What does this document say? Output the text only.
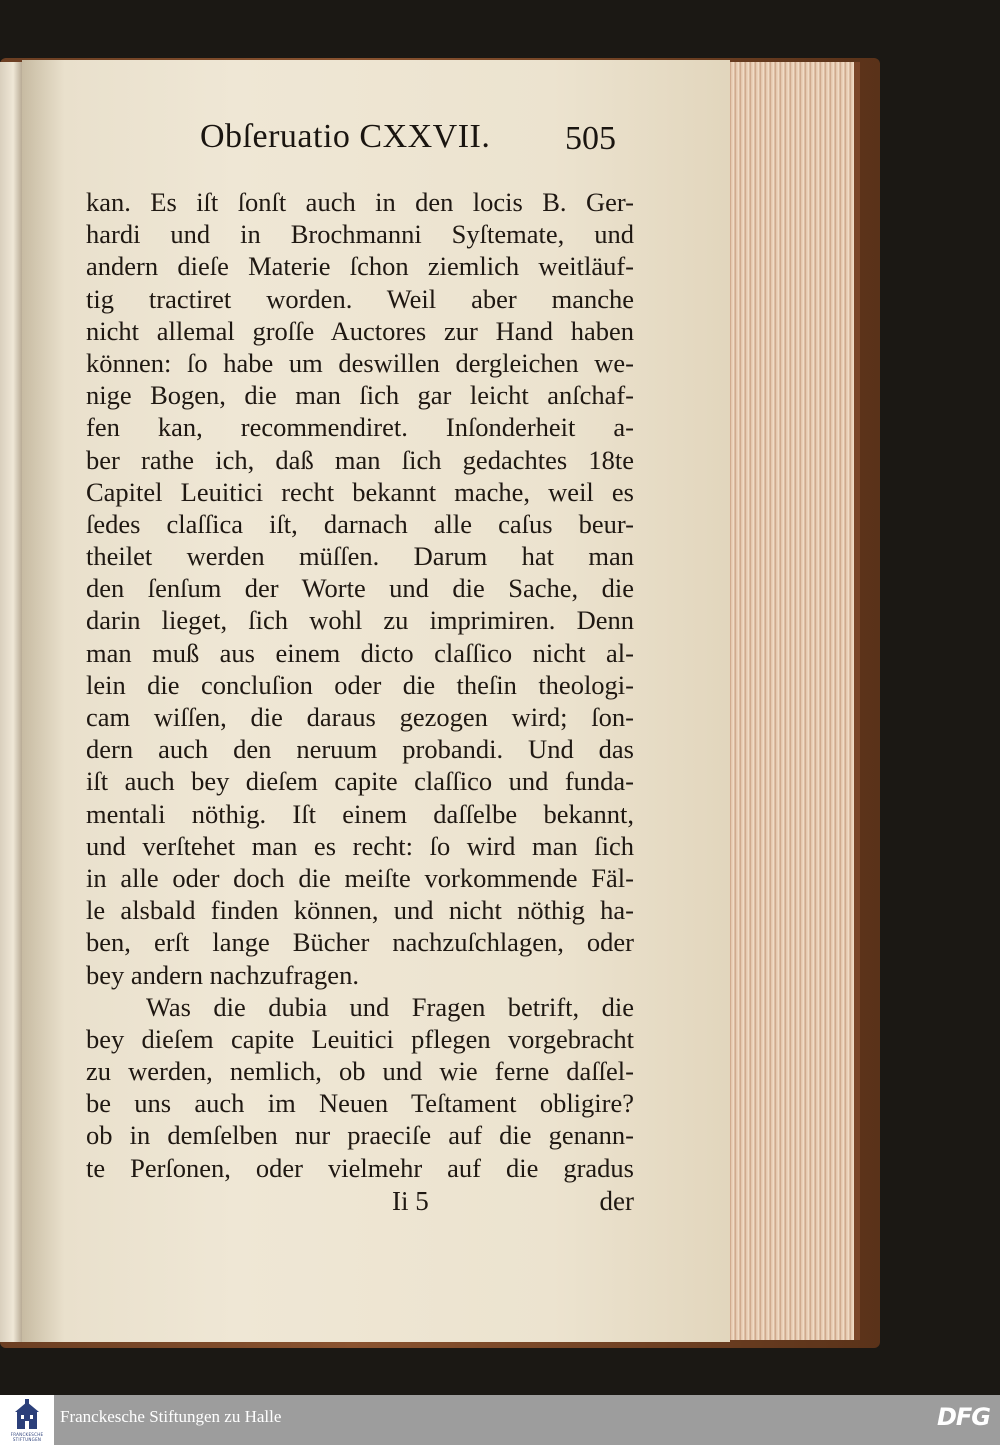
Obſeruatio CXXVII. 505
kan. Es iſt ſonſt auch in den locis B. Ger-
hardi und in Brochmanni Syſtemate, und
andern dieſe Materie ſchon ziemlich weitläuf-
tig tractiret worden. Weil aber manche
nicht allemal groſſe Auctores zur Hand haben
können: ſo habe um deswillen dergleichen we-
nige Bogen, die man ſich gar leicht anſchaf-
fen kan, recommendiret. Inſonderheit a-
ber rathe ich, daß man ſich gedachtes 18te
Capitel Leuitici recht bekannt mache, weil es
ſedes claſſica iſt, darnach alle caſus beur-
theilet werden müſſen. Darum hat man
den ſenſum der Worte und die Sache, die
darin lieget, ſich wohl zu imprimiren. Denn
man muß aus einem dicto claſſico nicht al-
lein die concluſion oder die theſin theologi-
cam wiſſen, die daraus gezogen wird; ſon-
dern auch den neruum probandi. Und das
iſt auch bey dieſem capite claſſico und funda-
mentali nöthig. Iſt einem daſſelbe bekannt,
und verſtehet man es recht: ſo wird man ſich
in alle oder doch die meiſte vorkommende Fäl-
le alsbald finden können, und nicht nöthig ha-
ben, erſt lange Bücher nachzuſchlagen, oder
bey andern nachzufragen.
Was die dubia und Fragen betrift, die
bey dieſem capite Leuitici pflegen vorgebracht
zu werden, nemlich, ob und wie ferne daſſel-
be uns auch im Neuen Teſtament obligire?
ob in demſelben nur praeciſe auf die genann-
te Perſonen, oder vielmehr auf die gradus
Ii 5	der
FRANCKESCHE STIFTUNGEN
Franckesche Stiftungen zu Halle	DFG
